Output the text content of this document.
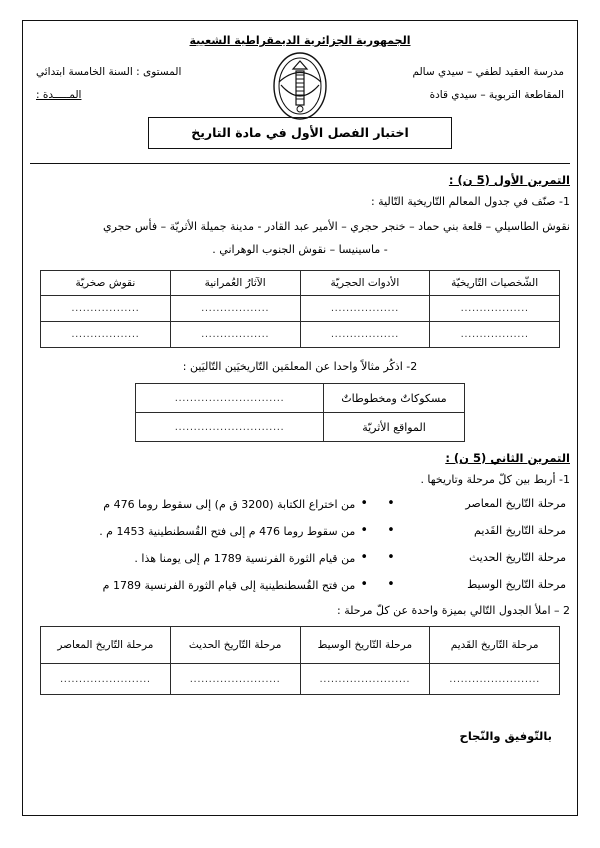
الجمهورية الجزائرية الديمقراطية الشعبية
مدرسة العقيد لطفي – سيدي سالم
المقاطعة التربوية – سيدي قادة
المستوى : السنة الخامسة ابتدائي
المـــــدة :
اختبار الفصل الأول في مادة التاريخ
التمرين الأول (5 ن) :
1- صنّف في جدول المعالم التّاريخية التّالية :
نقوش الطاسيلي – قلعة بني حماد – خنجر حجري – الأمير عبد القادر - مدينة جميلة الأثريّة – فأس حجري
- ماسينيسا – نقوش الجنوب الوهراني .
الشّخصيات التّاريخيّة	الأدوات الحجريّة	الآثارُ العُمرانية	نقوش صخريّة
..................	..................	..................	..................
..................	..................	..................	..................
2- اذكُر مثالاً واحدا عن المعلمَين التّاريخيَين التّاليَين :
مسكوكاتٌ ومخطوطاتٌ	.............................
المواقع الأثريّة	.............................
التمرين الثاني (5 ن) :
1- أربط بين كلّ مرحلة وتاريخها .
مرحلة التّاريخ المعاصر
•
•من اختراع الكتابة (3200 ق م) إلى سقوط روما 476 م
مرحلة التّاريخ القَديم
•
•من سقوط روما 476 م إلى فتح القُسطنطينية 1453 م .
مرحلة التّاريخ الحديث
•
•من قيام الثورة الفرنسية 1789 م إلى يومنا هذا .
مرحلة التّاريخ الوسيط
•
•من فتح القُسطنطينية إلى قيام الثورة الفرنسية 1789 م
2 – املأ الجدول التّالي بميزة واحدة عن كلّ مرحلة :
مرحلة التّاريخ القَديم	مرحلة التّاريخ الوسيط	مرحلة التّاريخ الحديث	مرحلة التّاريخ المعاصر
........................	........................	........................	........................
بالتّوفيق والنّجاح
